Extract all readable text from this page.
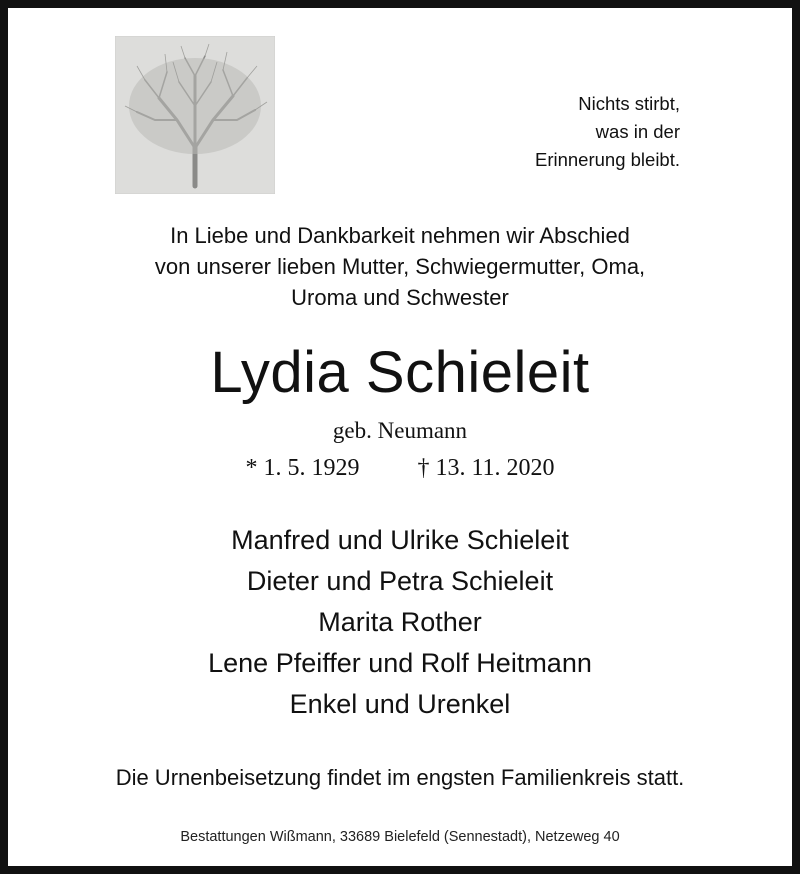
Nichts stirbt,
was in der
Erinnerung bleibt.
In Liebe und Dankbarkeit nehmen wir Abschied
von unserer lieben Mutter, Schwiegermutter, Oma,
Uroma und Schwester
Lydia Schieleit
geb. Neumann
* 1. 5. 1929 † 13. 11. 2020
Manfred und Ulrike Schieleit
Dieter und Petra Schieleit
Marita Rother
Lene Pfeiffer und Rolf Heitmann
Enkel und Urenkel
Die Urnenbeisetzung findet im engsten Familienkreis statt.
Bestattungen Wißmann, 33689 Bielefeld (Sennestadt), Netzeweg 40
